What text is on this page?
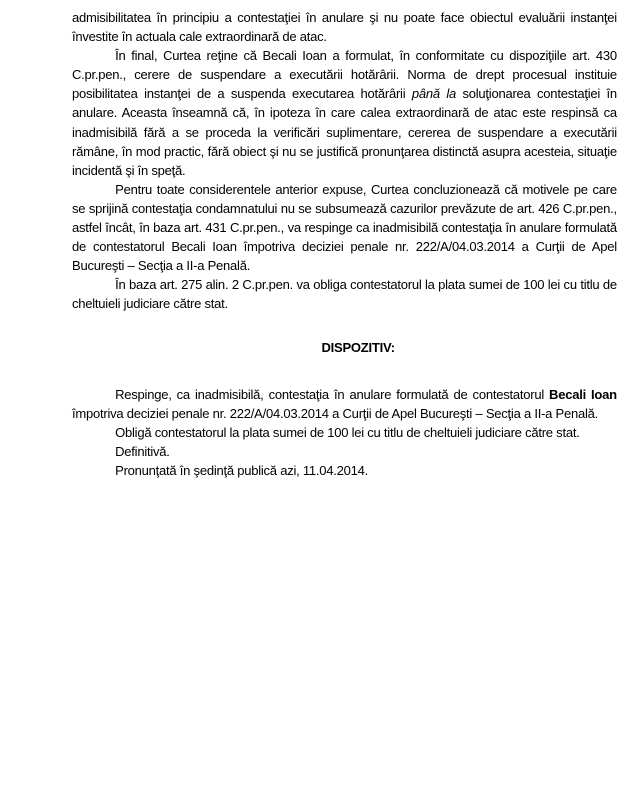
admisibilitatea în principiu a contestaţiei în anulare şi nu poate face obiectul evaluării instanţei învestite în actuala cale extraordinară de atac.

În final, Curtea reţine că Becali Ioan a formulat, în conformitate cu dispoziţiile art. 430 C.pr.pen., cerere de suspendare a executării hotărârii. Norma de drept procesual instituie posibilitatea instanţei de a suspenda executarea hotărârii până la soluţionarea contestaţiei în anulare. Aceasta înseamnă că, în ipoteza în care calea extraordinară de atac este respinsă ca inadmisibilă fără a se proceda la verificări suplimentare, cererea de suspendare a executării rămâne, în mod practic, fără obiect şi nu se justifică pronunţarea distinctă asupra acesteia, situaţie incidentă şi în speţă.

Pentru toate considerentele anterior expuse, Curtea concluzionează că motivele pe care se sprijină contestaţia condamnatului nu se subsumează cazurilor prevăzute de art. 426 C.pr.pen., astfel încât, în baza art. 431 C.pr.pen., va respinge ca inadmisibilă contestaţia în anulare formulată de contestatorul Becali Ioan împotriva deciziei penale nr. 222/A/04.03.2014 a Curţii de Apel Bucureşti – Secţia a II-a Penală.

În baza art. 275 alin. 2 C.pr.pen. va obliga contestatorul la plata sumei de 100 lei cu titlu de cheltuieli judiciare către stat.

DISPOZITIV:

Respinge, ca inadmisibilă, contestaţia în anulare formulată de contestatorul Becali Ioan împotriva deciziei penale nr. 222/A/04.03.2014 a Curţii de Apel Bucureşti – Secţia a II-a Penală.

Obligă contestatorul la plata sumei de 100 lei cu titlu de cheltuieli judiciare către stat.

Definitivă.

Pronunţată în şedinţă publică azi, 11.04.2014.
